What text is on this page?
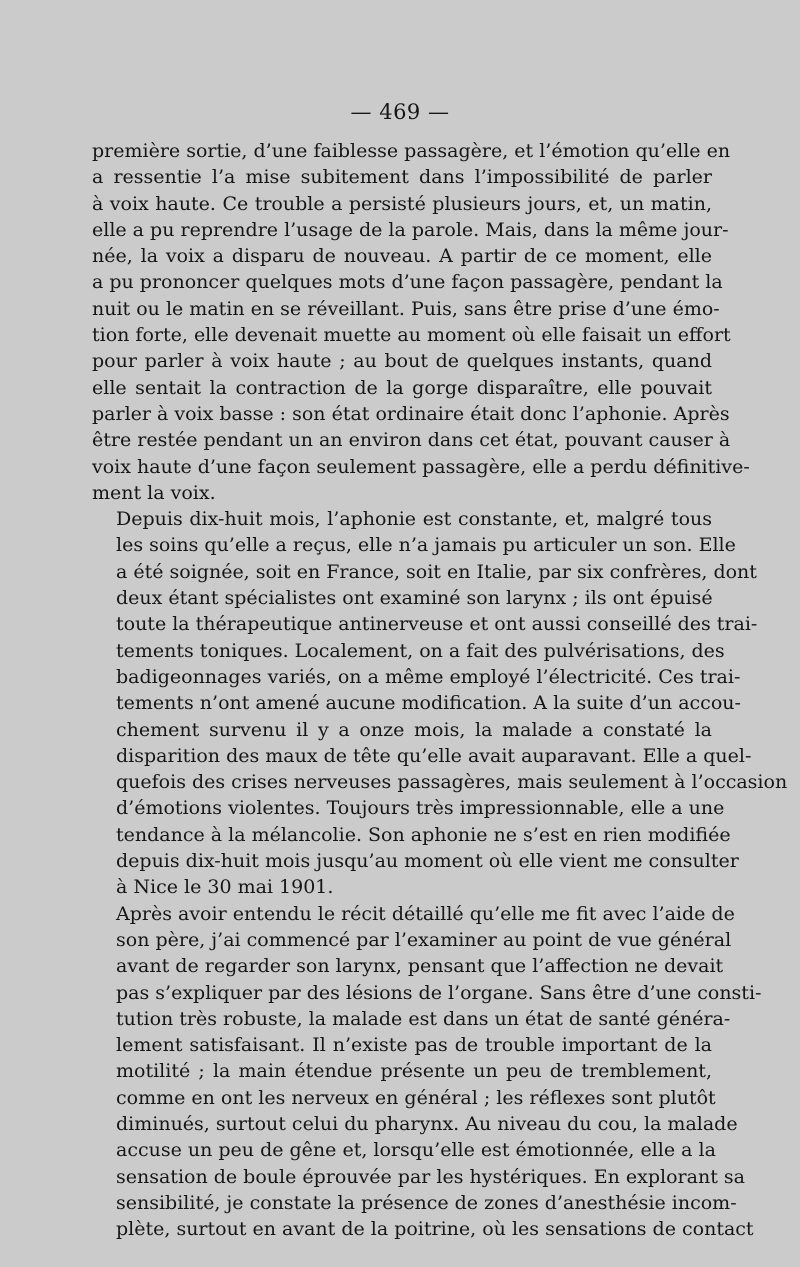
— 469 —

première sortie, d’une faiblesse passagère, et l’émotion qu’elle en
a ressentie l’a mise subitement dans l’impossibilité de parler
à voix haute. Ce trouble a persisté plusieurs jours, et, un matin,
elle a pu reprendre l’usage de la parole. Mais, dans la même jour-
née, la voix a disparu de nouveau. A partir de ce moment, elle
a pu prononcer quelques mots d’une façon passagère, pendant la
nuit ou le matin en se réveillant. Puis, sans être prise d’une émo-
tion forte, elle devenait muette au moment où elle faisait un effort
pour parler à voix haute ; au bout de quelques instants, quand
elle sentait la contraction de la gorge disparaître, elle pouvait
parler à voix basse : son état ordinaire était donc l’aphonie. Après
être restée pendant un an environ dans cet état, pouvant causer à
voix haute d’une façon seulement passagère, elle a perdu définitive-
ment la voix.

Depuis dix-huit mois, l’aphonie est constante, et, malgré tous
les soins qu’elle a reçus, elle n’a jamais pu articuler un son. Elle
a été soignée, soit en France, soit en Italie, par six confrères, dont
deux étant spécialistes ont examiné son larynx ; ils ont épuisé
toute la thérapeutique antinerveuse et ont aussi conseillé des trai-
tements toniques. Localement, on a fait des pulvérisations, des
badigeonnages variés, on a même employé l’électricité. Ces trai-
tements n’ont amené aucune modification. A la suite d’un accou-
chement survenu il y a onze mois, la malade a constaté la
disparition des maux de tête qu’elle avait auparavant. Elle a quel-
quefois des crises nerveuses passagères, mais seulement à l’occasion
d’émotions violentes. Toujours très impressionnable, elle a une
tendance à la mélancolie. Son aphonie ne s’est en rien modifiée
depuis dix-huit mois jusqu’au moment où elle vient me consulter
à Nice le 30 mai 1901.

Après avoir entendu le récit détaillé qu’elle me fit avec l’aide de
son père, j’ai commencé par l’examiner au point de vue général
avant de regarder son larynx, pensant que l’affection ne devait
pas s’expliquer par des lésions de l’organe. Sans être d’une consti-
tution très robuste, la malade est dans un état de santé généra-
lement satisfaisant. Il n’existe pas de trouble important de la
motilité ; la main étendue présente un peu de tremblement,
comme en ont les nerveux en général ; les réflexes sont plutôt
diminués, surtout celui du pharynx. Au niveau du cou, la malade
accuse un peu de gêne et, lorsqu’elle est émotionnée, elle a la
sensation de boule éprouvée par les hystériques. En explorant sa
sensibilité, je constate la présence de zones d’anesthésie incom-
plète, surtout en avant de la poitrine, où les sensations de contact
